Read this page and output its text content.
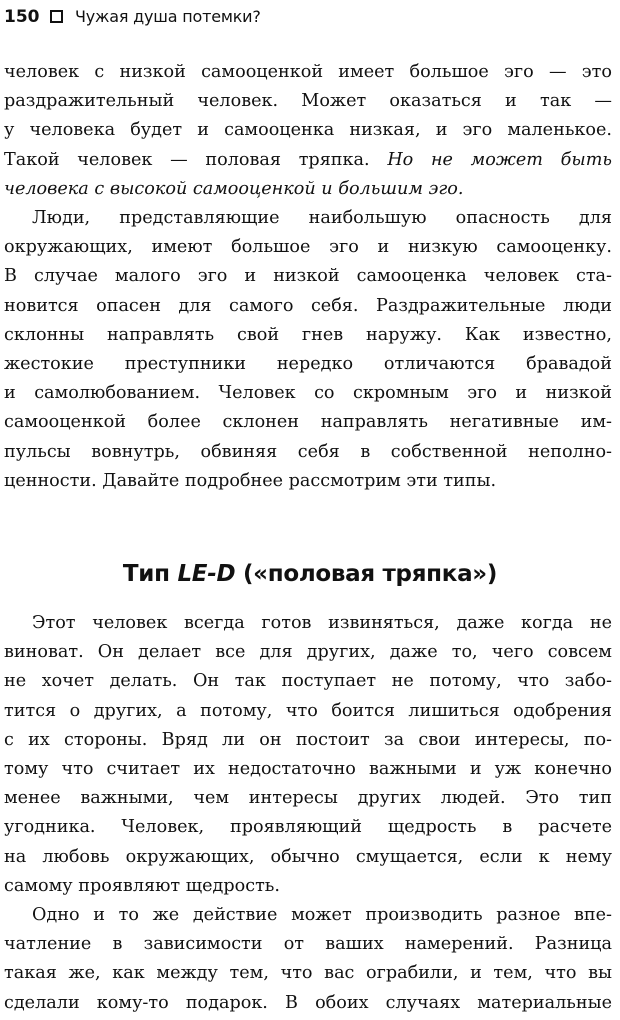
150 Чужая душа потемки?
человек с низкой самооценкой имеет большое эго — это
раздражительный человек. Может оказаться и так —
у человека будет и самооценка низкая, и эго маленькое.
Такой человек — половая тряпка. Но не может быть
человека с высокой самооценкой и большим эго.
Люди, представляющие наибольшую опасность для
окружающих, имеют большое эго и низкую самооценку.
В случае малого эго и низкой самооценка человек ста-
новится опасен для самого себя. Раздражительные люди
склонны направлять свой гнев наружу. Как известно,
жестокие преступники нередко отличаются бравадой
и самолюбованием. Человек со скромным эго и низкой
самооценкой более склонен направлять негативные им-
пульсы вовнутрь, обвиняя себя в собственной неполно-
ценности. Давайте подробнее рассмотрим эти типы.
Тип LE-D («половая тряпка»)
Этот человек всегда готов извиняться, даже когда не
виноват. Он делает все для других, даже то, чего совсем
не хочет делать. Он так поступает не потому, что забо-
тится о других, а потому, что боится лишиться одобрения
с их стороны. Вряд ли он постоит за свои интересы, по-
тому что считает их недостаточно важными и уж конечно
менее важными, чем интересы других людей. Это тип
угодника. Человек, проявляющий щедрость в расчете
на любовь окружающих, обычно смущается, если к нему
самому проявляют щедрость.
Одно и то же действие может производить разное впе-
чатление в зависимости от ваших намерений. Разница
такая же, как между тем, что вас ограбили, и тем, что вы
сделали кому-то подарок. В обоих случаях материальные
